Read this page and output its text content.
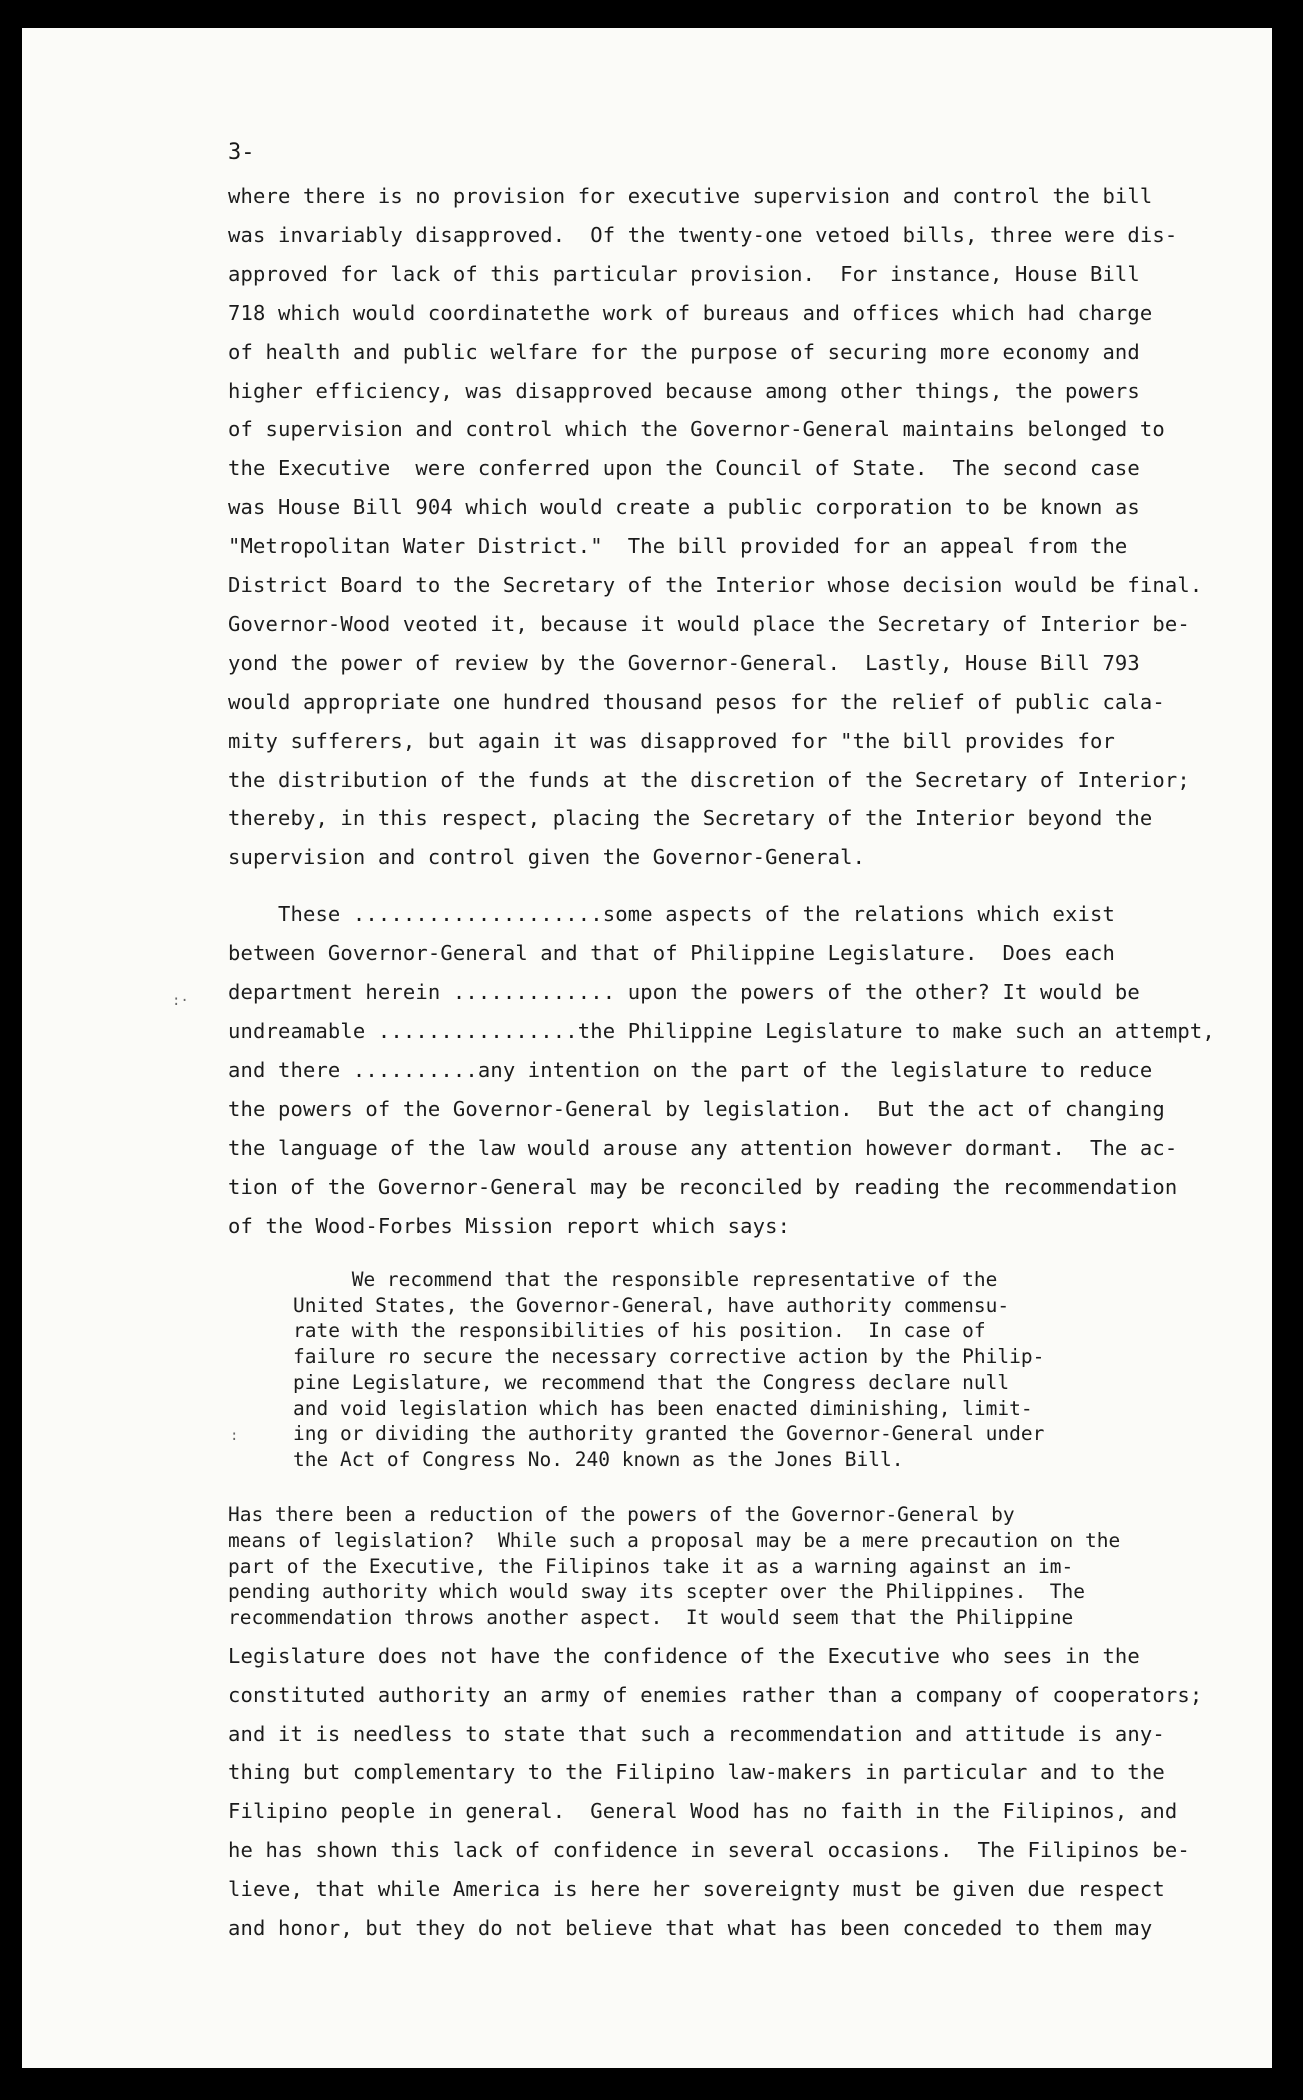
3-
where there is no provision for executive supervision and control the bill
was invariably disapproved.  Of the twenty-one vetoed bills, three were dis-
approved for lack of this particular provision.  For instance, House Bill
718 which would coordinatethe work of bureaus and offices which had charge
of health and public welfare for the purpose of securing more economy and
higher efficiency, was disapproved because among other things, the powers
of supervision and control which the Governor-General maintains belonged to
the Executive  were conferred upon the Council of State.  The second case
was House Bill 904 which would create a public corporation to be known as
"Metropolitan Water District."  The bill provided for an appeal from the
District Board to the Secretary of the Interior whose decision would be final.
Governor-Wood veoted it, because it would place the Secretary of Interior be-
yond the power of review by the Governor-General.  Lastly, House Bill 793
would appropriate one hundred thousand pesos for the relief of public cala-
mity sufferers, but again it was disapproved for "the bill provides for
the distribution of the funds at the discretion of the Secretary of Interior;
thereby, in this respect, placing the Secretary of the Interior beyond the
supervision and control given the Governor-General.
These ....................some aspects of the relations which exist
between Governor-General and that of Philippine Legislature.  Does each
department herein ............. upon the powers of the other? It would be
undreamable ................the Philippine Legislature to make such an attempt,
and there ..........any intention on the part of the legislature to reduce
the powers of the Governor-General by legislation.  But the act of changing
the language of the law would arouse any attention however dormant.  The ac-
tion of the Governor-General may be reconciled by reading the recommendation
of the Wood-Forbes Mission report which says:
We recommend that the responsible representative of the
United States, the Governor-General, have authority commensu-
rate with the responsibilities of his position.  In case of
failure ro secure the necessary corrective action by the Philip-
pine Legislature, we recommend that the Congress declare null
and void legislation which has been enacted diminishing, limit-
ing or dividing the authority granted the Governor-General under
the Act of Congress No. 240 known as the Jones Bill.
Has there been a reduction of the powers of the Governor-General by
means of legislation?  While such a proposal may be a mere precaution on the
part of the Executive, the Filipinos take it as a warning against an im-
pending authority which would sway its scepter over the Philippines.  The
recommendation throws another aspect.  It would seem that the Philippine
Legislature does not have the confidence of the Executive who sees in the
constituted authority an army of enemies rather than a company of cooperators;
and it is needless to state that such a recommendation and attitude is any-
thing but complementary to the Filipino law-makers in particular and to the
Filipino people in general.  General Wood has no faith in the Filipinos, and
he has shown this lack of confidence in several occasions.  The Filipinos be-
lieve, that while America is here her sovereignty must be given due respect
and honor, but they do not believe that what has been conceded to them may
:·
:
